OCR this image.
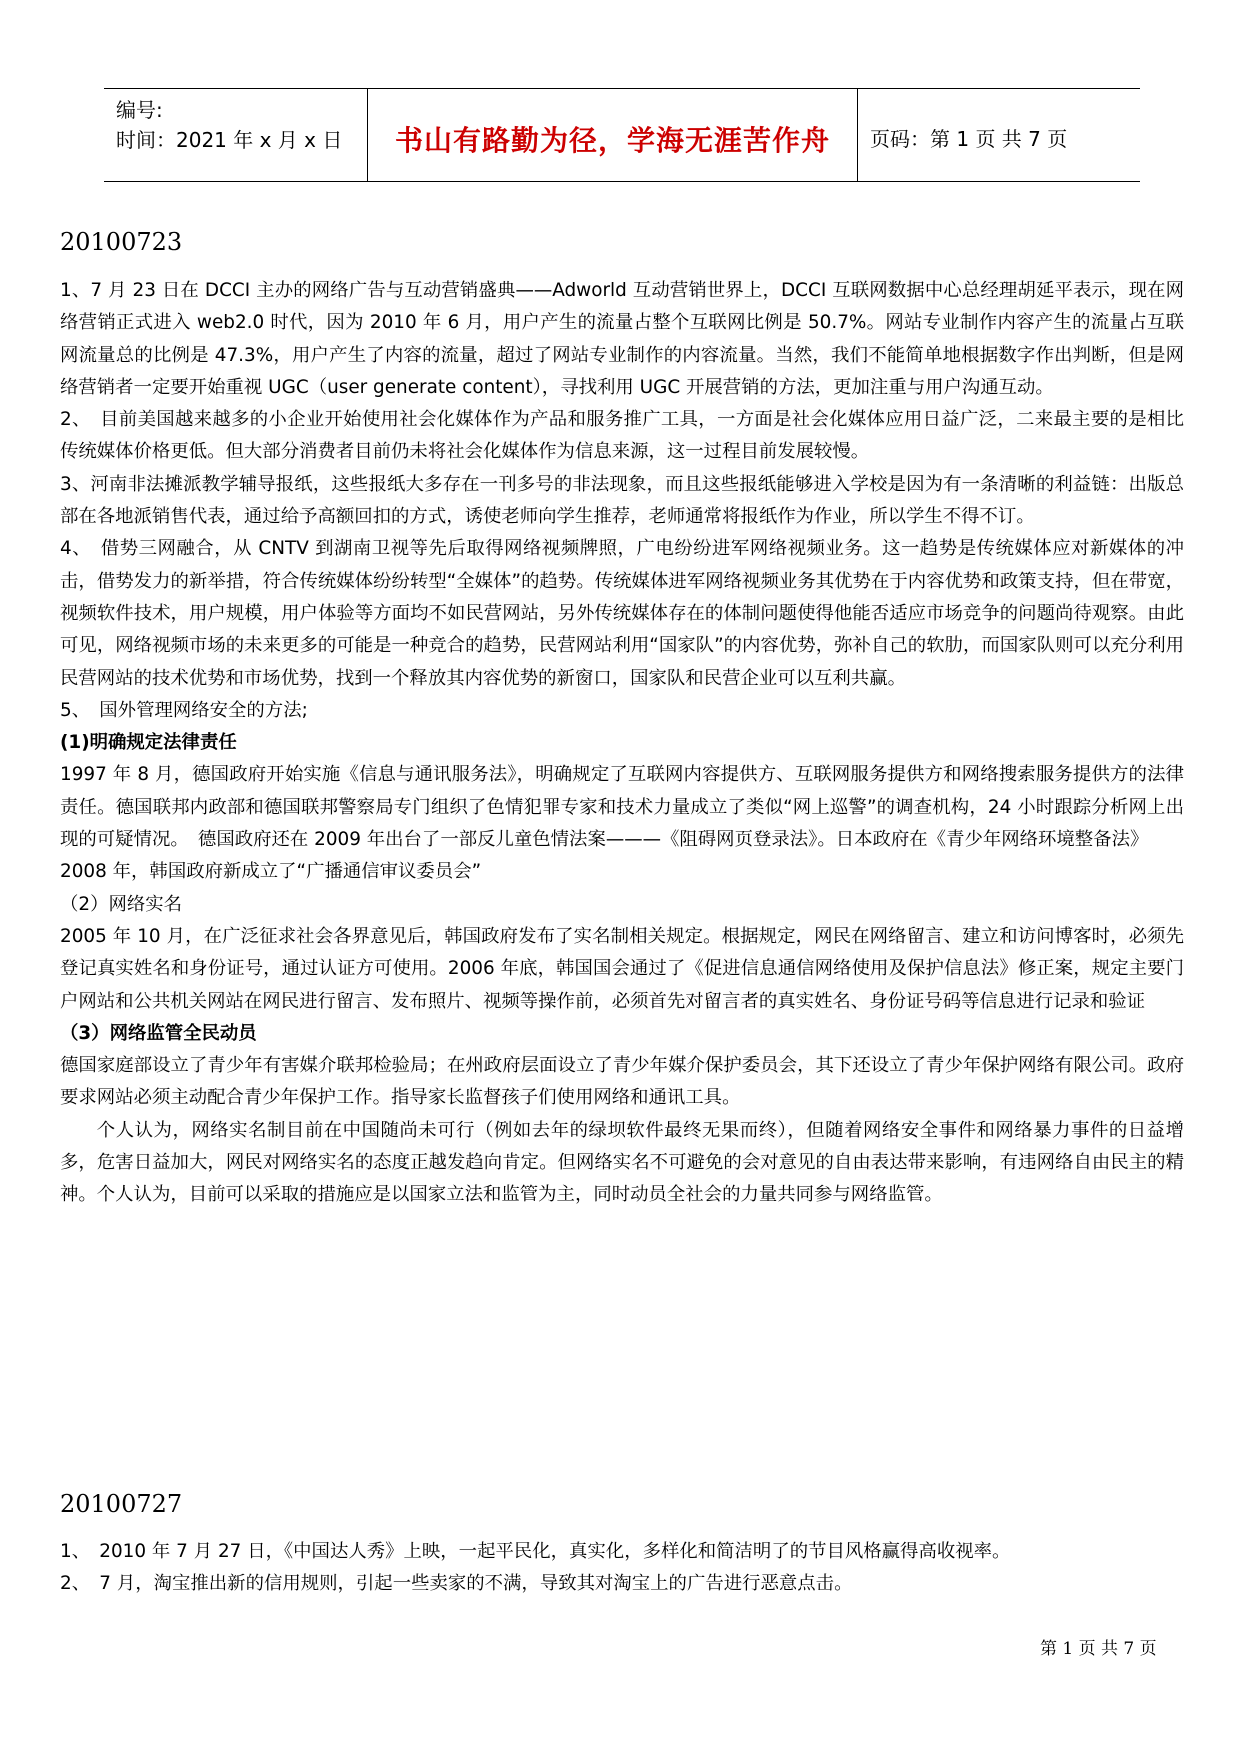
编号:
时间：2021 年 x 月 x 日	书山有路勤为径，学海无涯苦作舟	页码：第 1 页 共 7 页
20100723

1、7 月 23 日在 DCCI 主办的网络广告与互动营销盛典——Adworld 互动营销世界上，DCCI 互联网数据中心总经理胡延平表示，现在网络营销正式进入 web2.0 时代，因为 2010 年 6 月，用户产生的流量占整个互联网比例是 50.7%。网站专业制作内容产生的流量占互联网流量总的比例是 47.3%，用户产生了内容的流量，超过了网站专业制作的内容流量。当然，我们不能简单地根据数字作出判断，但是网络营销者一定要开始重视 UGC（user generate content），寻找利用 UGC 开展营销的方法，更加注重与用户沟通互动。

2、　目前美国越来越多的小企业开始使用社会化媒体作为产品和服务推广工具，一方面是社会化媒体应用日益广泛，二来最主要的是相比传统媒体价格更低。但大部分消费者目前仍未将社会化媒体作为信息来源，这一过程目前发展较慢。

3、河南非法摊派教学辅导报纸，这些报纸大多存在一刊多号的非法现象，而且这些报纸能够进入学校是因为有一条清晰的利益链：出版总部在各地派销售代表，通过给予高额回扣的方式，诱使老师向学生推荐，老师通常将报纸作为作业，所以学生不得不订。

4、　借势三网融合，从 CNTV 到湖南卫视等先后取得网络视频牌照，广电纷纷进军网络视频业务。这一趋势是传统媒体应对新媒体的冲击，借势发力的新举措，符合传统媒体纷纷转型“全媒体”的趋势。传统媒体进军网络视频业务其优势在于内容优势和政策支持，但在带宽，视频软件技术，用户规模，用户体验等方面均不如民营网站，另外传统媒体存在的体制问题使得他能否适应市场竞争的问题尚待观察。由此可见，网络视频市场的未来更多的可能是一种竞合的趋势，民营网站利用“国家队”的内容优势，弥补自己的软肋，而国家队则可以充分利用民营网站的技术优势和市场优势，找到一个释放其内容优势的新窗口，国家队和民营企业可以互利共赢。

5、　国外管理网络安全的方法;

(1)明确规定法律责任

1997 年 8 月，德国政府开始实施《信息与通讯服务法》，明确规定了互联网内容提供方、互联网服务提供方和网络搜索服务提供方的法律责任。德国联邦内政部和德国联邦警察局专门组织了色情犯罪专家和技术力量成立了类似“网上巡警”的调查机构，24 小时跟踪分析网上出现的可疑情况。　德国政府还在 2009 年出台了一部反儿童色情法案———《阻碍网页登录法》。日本政府在《青少年网络环境整备法》

2008 年，韩国政府新成立了“广播通信审议委员会”

（2）网络实名

2005 年 10 月，在广泛征求社会各界意见后，韩国政府发布了实名制相关规定。根据规定，网民在网络留言、建立和访问博客时，必须先登记真实姓名和身份证号，通过认证方可使用。2006 年底，韩国国会通过了《促进信息通信网络使用及保护信息法》修正案，规定主要门户网站和公共机关网站在网民进行留言、发布照片、视频等操作前，必须首先对留言者的真实姓名、身份证号码等信息进行记录和验证

（3）网络监管全民动员

德国家庭部设立了青少年有害媒介联邦检验局；在州政府层面设立了青少年媒介保护委员会，其下还设立了青少年保护网络有限公司。政府要求网站必须主动配合青少年保护工作。指导家长监督孩子们使用网络和通讯工具。

个人认为，网络实名制目前在中国随尚未可行（例如去年的绿坝软件最终无果而终），但随着网络安全事件和网络暴力事件的日益增多，危害日益加大，网民对网络实名的态度正越发趋向肯定。但网络实名不可避免的会对意见的自由表达带来影响，有违网络自由民主的精神。个人认为，目前可以采取的措施应是以国家立法和监管为主，同时动员全社会的力量共同参与网络监管。

20100727

1、　2010 年 7 月 27 日，《中国达人秀》上映，一起平民化，真实化，多样化和简洁明了的节目风格赢得高收视率。

2、　7 月，淘宝推出新的信用规则，引起一些卖家的不满，导致其对淘宝上的广告进行恶意点击。

第 1 页 共 7 页
